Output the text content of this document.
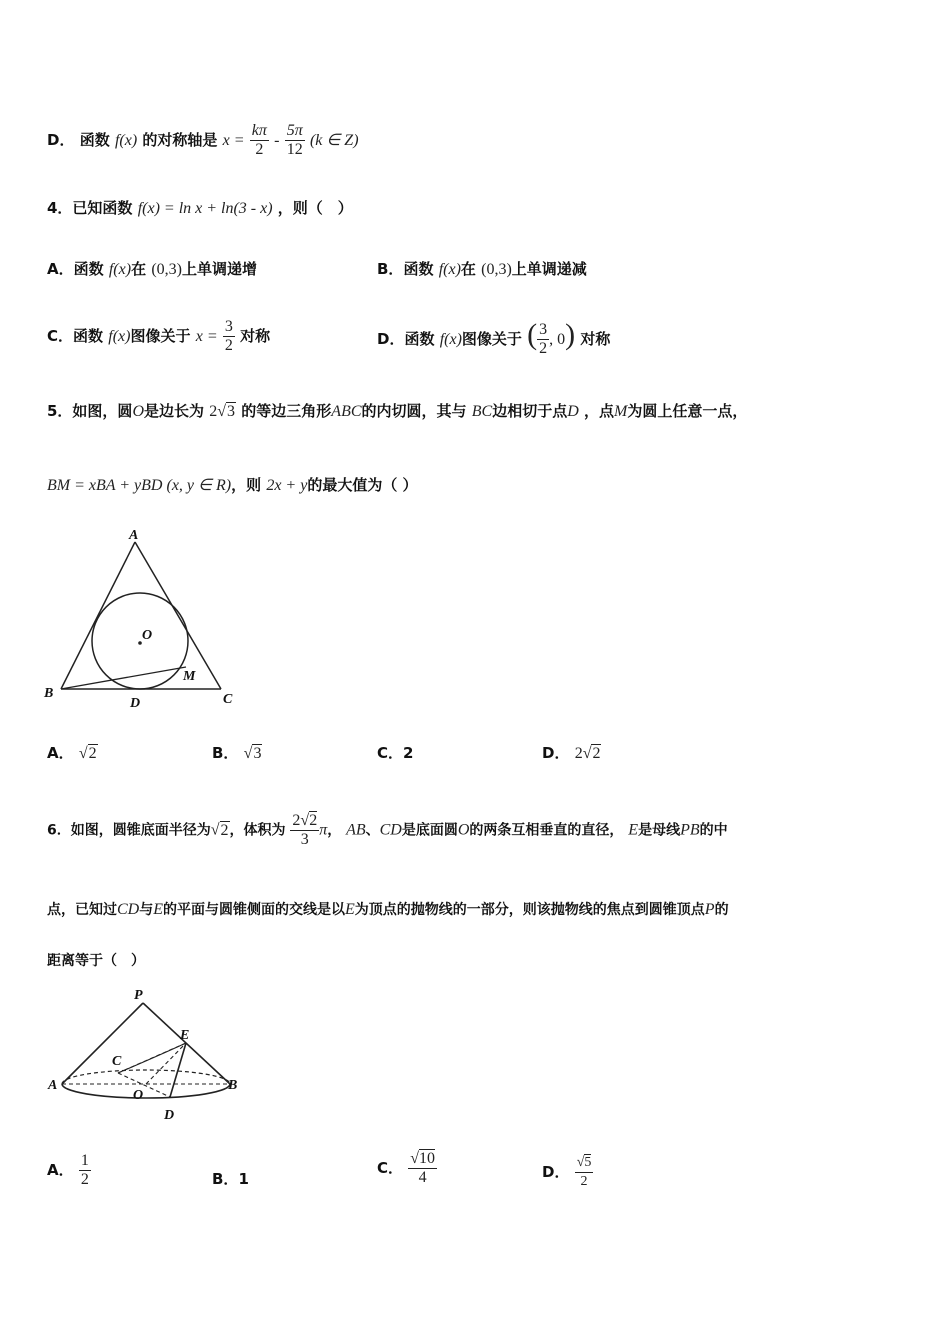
D． 函数 f(x) 的对称轴是 $x = \frac{k\pi}{2} - \frac{5\pi}{12} (k$ ∈ Z)
4．已知函数 f(x) = ln x + ln(3 - x) ，则（　）
A．函数 f(x)在 (0,3)上单调递增	B．函数 f(x)在 (0,3)上单调递减
C．函数 f(x)图像关于 $x = \frac{3}{2}$ 对称	D．函数 f(x)图像关于 ( $\frac{3}{2}$ , 0) 对称
5．如图，圆O是边长为 2√3 的等边三角形ABC的内切圆，其与 BC边相切于点D ，点M为圆上任意一点，
BM = xBA + yBD (x, y ∈ R)，则 2x + y的最大值为（ ）
A
O
M
B
D	C
A． √2	B． √3	C．2	D． 2√2
6．如图，圆锥底面半径为√2，体积为 $\frac{2√2}{3}$ π， AB、CD是底面圆O的两条互相垂直的直径， E是母线PB的中
点，已知过CD与E的平面与圆锥侧面的交线是以E为顶点的抛物线的一部分，则该抛物线的焦点到圆锥顶点P的
距离等于（　）
P
E
C
A
O
B
D
A． $\frac{1}{2}$	B．1
C． $\frac{√10}{4}$	D． $\frac{√5}{2}$
